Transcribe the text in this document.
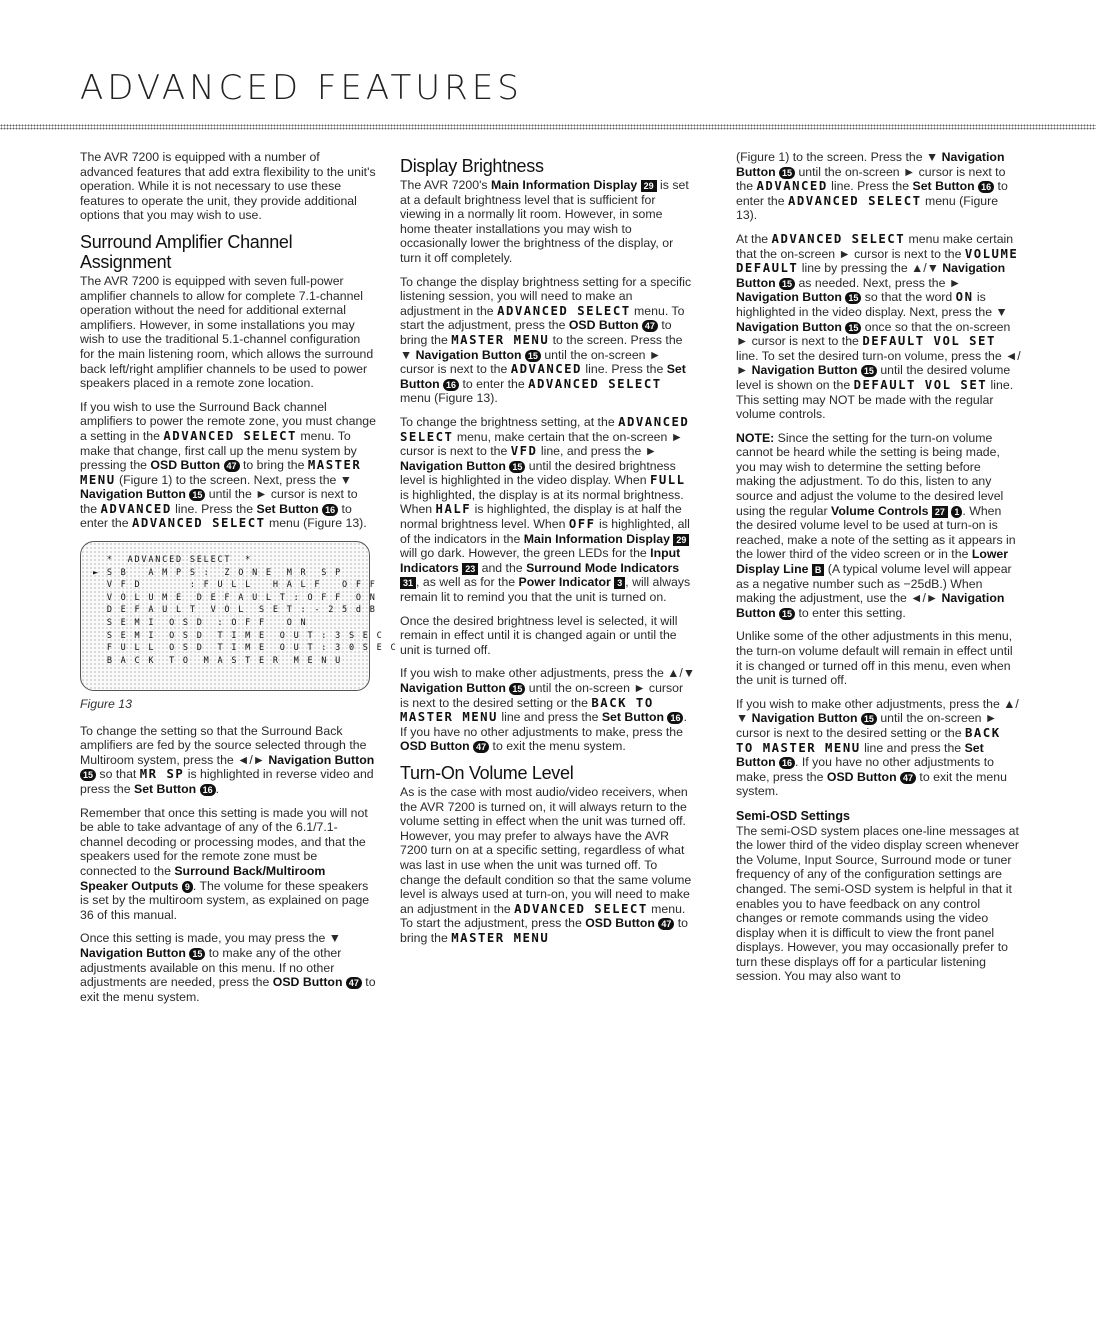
ADVANCED FEATURES

The AVR 7200 is equipped with a number of advanced features that add extra flexibility to the unit's operation. While it is not necessary to use these features to operate the unit, they provide additional options that you may wish to use.

Surround Amplifier Channel Assignment

The AVR 7200 is equipped with seven full-power amplifier channels to allow for complete 7.1-channel operation without the need for additional external amplifiers. However, in some installations you may wish to use the traditional 5.1-channel configuration for the main listening room, which allows the surround back left/right amplifier channels to be used to power speakers placed in a remote zone location.

If you wish to use the Surround Back channel amplifiers to power the remote zone, you must change a setting in the ADVANCED SELECT menu. To make that change, first call up the menu system by pressing the OSD Button 47 to bring the MASTER MENU (Figure 1) to the screen. Next, press the ▼ Navigation Button 15 until the ► cursor is next to the ADVANCED line. Press the Set Button 16 to enter the ADVANCED SELECT menu (Figure 13).

*  ADVANCED SELECT  *
► S B   A M P S :  Z O N E  M R  S P
V F D       : F U L L   H A L F   O F F
V O L U M E  D E F A U L T : O F F  O N
D E F A U L T  V O L  S E T : - 2 5 d B
S E M I  O S D  : O F F   O N
S E M I  O S D  T I M E  O U T : 3 S E C
F U L L  O S D  T I M E  O U T : 3 0 S E C
B A C K  T O  M A S T E R  M E N U
Figure 13

To change the setting so that the Surround Back amplifiers are fed by the source selected through the Multiroom system, press the ◄/► Navigation Button 15 so that MR SP is highlighted in reverse video and press the Set Button 16 .

Remember that once this setting is made you will not be able to take advantage of any of the 6.1/7.1-channel decoding or processing modes, and that the speakers used for the remote zone must be connected to the Surround Back/Multiroom Speaker Outputs 9 . The volume for these speakers is set by the multiroom system, as explained on page 36 of this manual.

Once this setting is made, you may press the ▼ Navigation Button 15 to make any of the other adjustments available on this menu. If no other adjustments are needed, press the OSD Button 47 to exit the menu system.

Display Brightness

The AVR 7200's Main Information Display 29 is set at a default brightness level that is sufficient for viewing in a normally lit room. However, in some home theater installations you may wish to occasionally lower the brightness of the display, or turn it off completely.

To change the display brightness setting for a specific listening session, you will need to make an adjustment in the ADVANCED SELECT menu. To start the adjustment, press the OSD Button 47 to bring the MASTER MENU to the screen. Press the ▼ Navigation Button 15 until the on-screen ► cursor is next to the ADVANCED line. Press the Set Button 16 to enter the ADVANCED SELECT menu (Figure 13).

To change the brightness setting, at the ADVANCED SELECT menu, make certain that the on-screen ► cursor is next to the VFD line, and press the ► Navigation Button 15 until the desired brightness level is highlighted in the video display. When FULL is highlighted, the display is at its normal brightness. When HALF is highlighted, the display is at half the normal brightness level. When OFF is highlighted, all of the indicators in the Main Information Display 29 will go dark. However, the green LEDs for the Input Indicators 23 and the Surround Mode Indicators 31 , as well as for the Power Indicator 3 , will always remain lit to remind you that the unit is turned on.

Once the desired brightness level is selected, it will remain in effect until it is changed again or until the unit is turned off.

If you wish to make other adjustments, press the ▲/▼ Navigation Button 15 until the on-screen ► cursor is next to the desired setting or the BACK TO MASTER MENU line and press the Set Button 16 . If you have no other adjustments to make, press the OSD Button 47 to exit the menu system.

Turn-On Volume Level

As is the case with most audio/video receivers, when the AVR 7200 is turned on, it will always return to the volume setting in effect when the unit was turned off. However, you may prefer to always have the AVR 7200 turn on at a specific setting, regardless of what was last in use when the unit was turned off. To change the default condition so that the same volume level is always used at turn-on, you will need to make an adjustment in the ADVANCED SELECT menu. To start the adjustment, press the OSD Button 47 to bring the MASTER MENU

(Figure 1) to the screen. Press the ▼ Navigation Button 15 until the on-screen ► cursor is next to the ADVANCED line. Press the Set Button 16 to enter the ADVANCED SELECT menu (Figure 13).

At the ADVANCED SELECT menu make certain that the on-screen ► cursor is next to the VOLUME DEFAULT line by pressing the ▲/▼ Navigation Button 15 as needed. Next, press the ► Navigation Button 15 so that the word ON is highlighted in the video display. Next, press the ▼ Navigation Button 15 once so that the on-screen ► cursor is next to the DEFAULT VOL SET line. To set the desired turn-on volume, press the ◄/► Navigation Button 15 until the desired volume level is shown on the DEFAULT VOL SET line. This setting may NOT be made with the regular volume controls.

NOTE: Since the setting for the turn-on volume cannot be heard while the setting is being made, you may wish to determine the setting before making the adjustment. To do this, listen to any source and adjust the volume to the desired level using the regular Volume Controls 27 1 . When the desired volume level to be used at turn-on is reached, make a note of the setting as it appears in the lower third of the video screen or in the Lower Display Line B (A typical volume level will appear as a negative number such as −25dB.) When making the adjustment, use the ◄/► Navigation Button 15 to enter this setting.

Unlike some of the other adjustments in this menu, the turn-on volume default will remain in effect until it is changed or turned off in this menu, even when the unit is turned off.

If you wish to make other adjustments, press the ▲/▼ Navigation Button 15 until the on-screen ► cursor is next to the desired setting or the BACK TO MASTER MENU line and press the Set Button 16 . If you have no other adjustments to make, press the OSD Button 47 to exit the menu system.

Semi-OSD Settings

The semi-OSD system places one-line messages at the lower third of the video display screen whenever the Volume, Input Source, Surround mode or tuner frequency of any of the configuration settings are changed. The semi-OSD system is helpful in that it enables you to have feedback on any control changes or remote commands using the video display when it is difficult to view the front panel displays. However, you may occasionally prefer to turn these displays off for a particular listening session. You may also want to
